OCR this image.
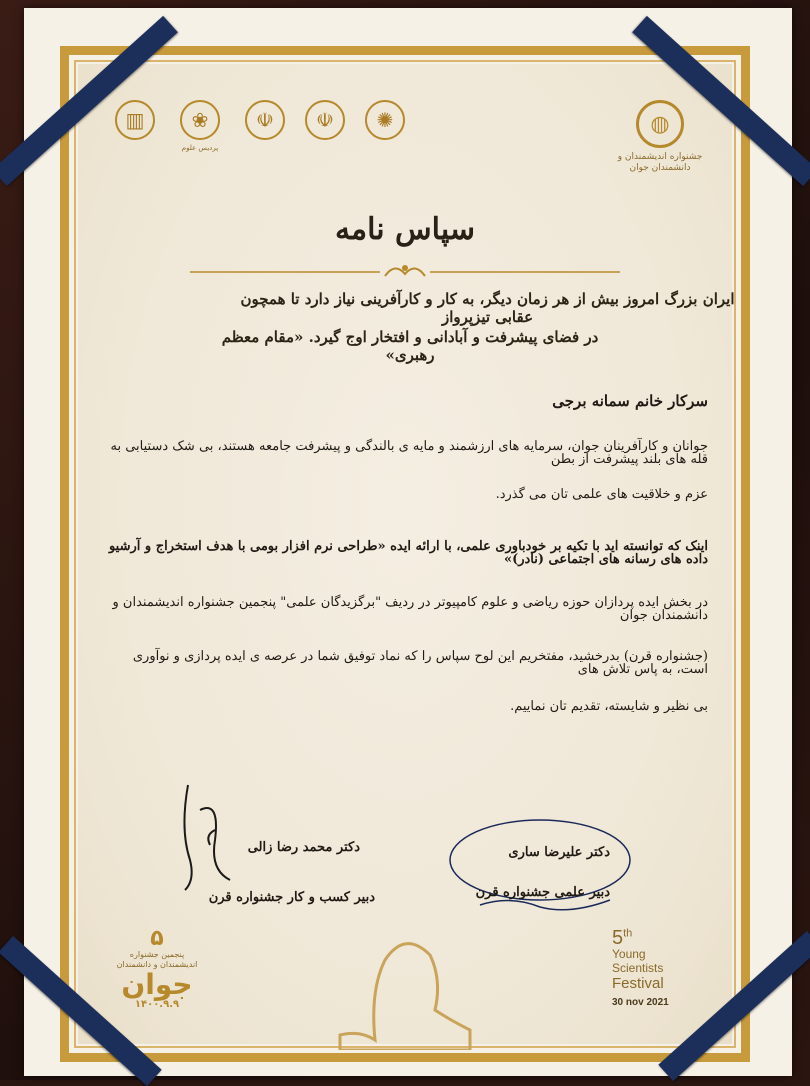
▥	❀
پردیس علوم
☫	☫	✺	◍
جشنواره اندیشمندان و دانشمندان جوان
سپاس نامه
ایران بزرگ امروز بیش از هر زمان دیگر، به کار و کارآفرینی نیاز دارد تا همچون عقابی تیزپرواز
در فضای پیشرفت و آبادانی و افتخار اوج گیرد. «مقام معظم رهبری»
سرکار خانم سمانه برجی
جوانان و کارآفرینان جوان، سرمایه های ارزشمند و مایه ی بالندگی و پیشرفت جامعه هستند، بی شک دستیابی به قله های بلند پیشرفت از بطن
عزم و خلاقیت های علمی تان می گذرد.
اینک که توانسته اید با تکیه بر خودباوری علمی، با ارائه ایده «طراحی نرم افزار بومی با هدف استخراج و آرشیو داده های رسانه های اجتماعی (نادر)»
در بخش ایده پردازان حوزه ریاضی و علوم کامپیوتر در ردیف "برگزیدگان علمی" پنجمین جشنواره اندیشمندان و دانشمندان جوان
(جشنواره قرن) بدرخشید، مفتخریم این لوح سپاس را که نماد توفیق شما در عرصه ی ایده پردازی و نوآوری است، به پاس تلاش های
بی نظیر و شایسته، تقدیم تان نماییم.
دکتر محمد رضا زالی
دبیر کسب و کار جشنواره قرن
دکتر علیرضا ساری
دبیر علمی جشنواره قرن
۵
پنجمین جشنواره
اندیشمندان و دانشمندان
جوان
۱۴۰۰.۹.۹
5th
Young
Scientists
Festival
30 nov 2021
